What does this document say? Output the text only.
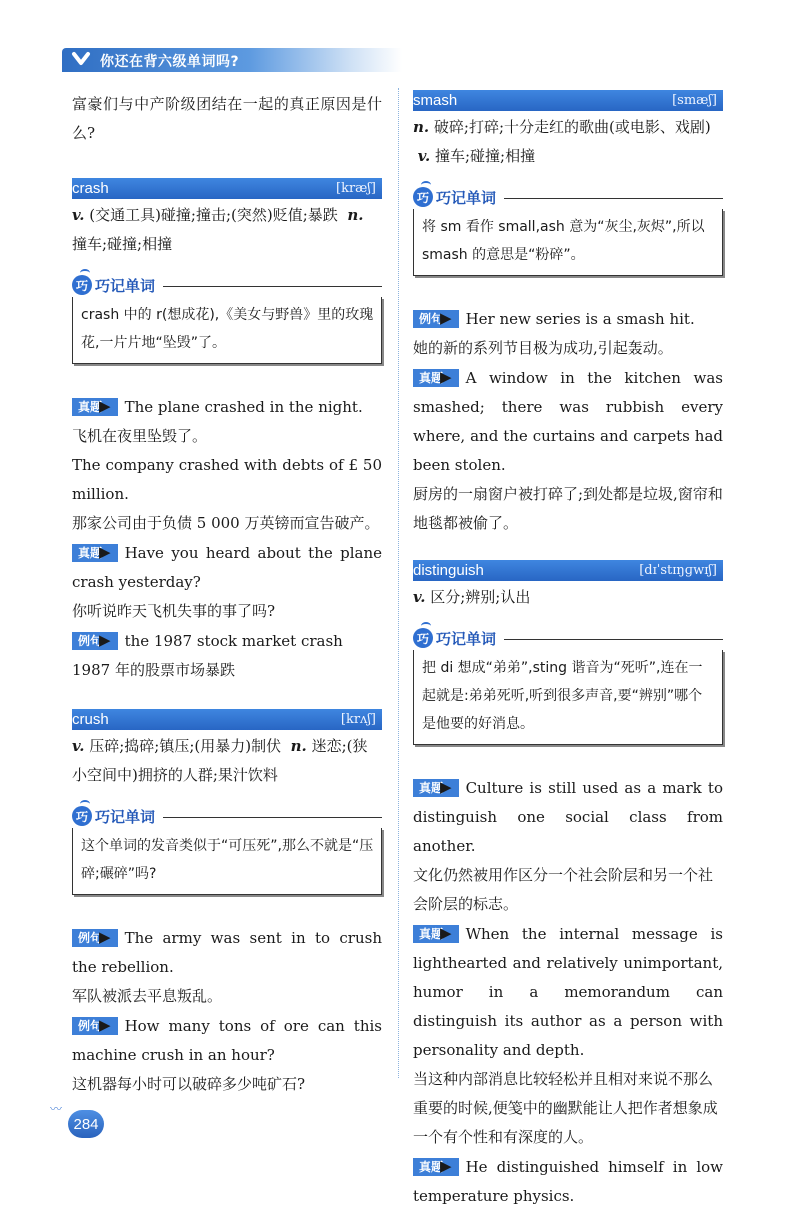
你还在背六级单词吗?

富豪们与中产阶级团结在一起的真正原因是什么?

crash	[kræʃ]

v. (交通工具)碰撞;撞击;(突然)贬值;暴跌 n. 撞车;碰撞;相撞

巧 巧记单词
crash 中的 r(想成花),《美女与野兽》里的玫瑰花,一片片地“坠毁”了。

真题▶ The plane crashed in the night.

飞机在夜里坠毁了。

The company crashed with debts of £ 50 million.

那家公司由于负债 5 000 万英镑而宣告破产。

真题▶ Have you heard about the plane crash yesterday?

你听说昨天飞机失事的事了吗?

例句▶ the 1987 stock market crash

1987 年的股票市场暴跌

crush	[krʌʃ]

v. 压碎;捣碎;镇压;(用暴力)制伏 n. 迷恋;(狭小空间中)拥挤的人群;果汁饮料

巧 巧记单词
这个单词的发音类似于“可压死”,那么不就是“压碎;碾碎”吗?

例句▶ The army was sent in to crush the rebellion.

军队被派去平息叛乱。

例句▶ How many tons of ore can this machine crush in an hour?

这机器每小时可以破碎多少吨矿石?

smash	[smæʃ]

n. 破碎;打碎;十分走红的歌曲(或电影、戏剧)  v. 撞车;碰撞;相撞

巧 巧记单词
将 sm 看作 small,ash 意为“灰尘,灰烬”,所以 smash 的意思是“粉碎”。

例句▶ Her new series is a smash hit.

她的新的系列节目极为成功,引起轰动。

真题▶ A window in the kitchen was smashed; there was rubbish every where, and the curtains and carpets had been stolen.

厨房的一扇窗户被打碎了;到处都是垃圾,窗帘和地毯都被偷了。

distinguish	[dɪˈstɪŋɡwɪʃ]

v. 区分;辨别;认出

巧 巧记单词
把 di 想成“弟弟”,sting 谐音为“死听”,连在一起就是:弟弟死听,听到很多声音,要“辨别”哪个是他要的好消息。

真题▶ Culture is still used as a mark to distinguish one social class from another.

文化仍然被用作区分一个社会阶层和另一个社会阶层的标志。

真题▶ When the internal message is lighthearted and relatively unimportant, humor in a memorandum can distinguish its author as a person with personality and depth.

当这种内部消息比较轻松并且相对来说不那么重要的时候,便笺中的幽默能让人把作者想象成一个有个性和有深度的人。

真题▶ He distinguished himself in low temperature physics.

〰
284
